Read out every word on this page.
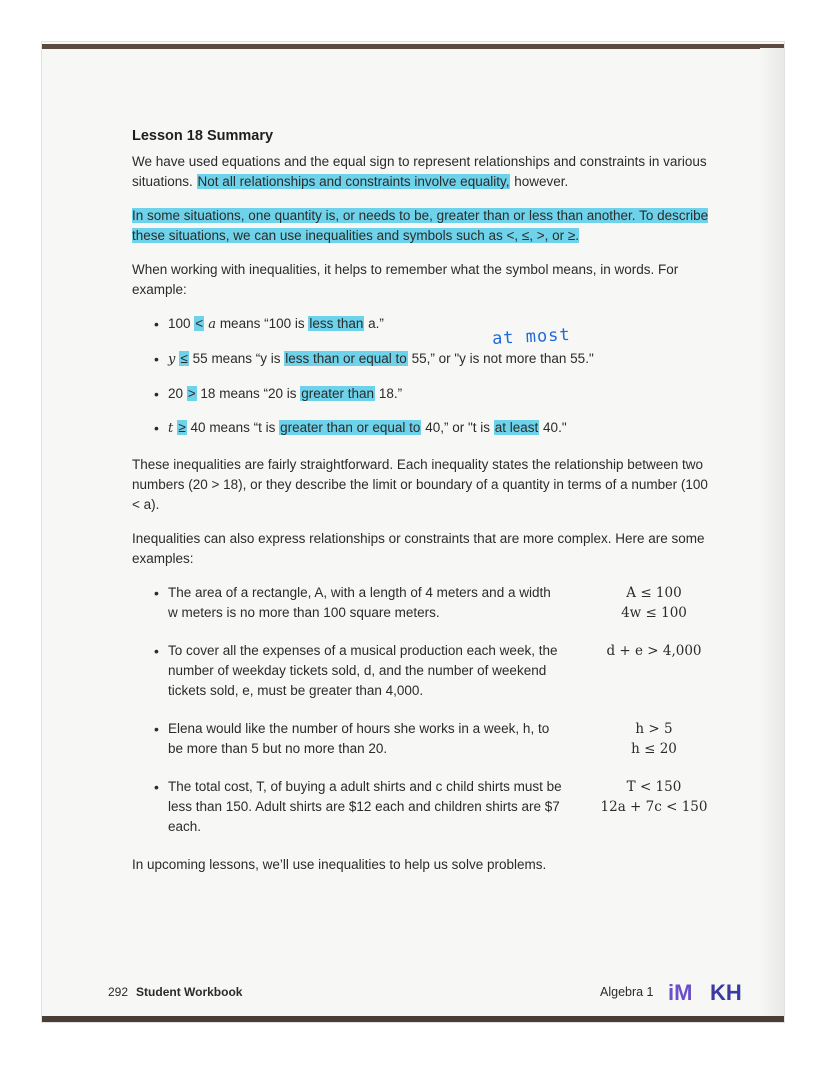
Lesson 18 Summary

We have used equations and the equal sign to represent relationships and constraints in various situations. Not all relationships and constraints involve equality, however.

In some situations, one quantity is, or needs to be, greater than or less than another. To describe these situations, we can use inequalities and symbols such as <, ≤, >, or ≥.

When working with inequalities, it helps to remember what the symbol means, in words. For example:

• 100 < a means “100 is less than a.”
• y ≤ 55 means “y is less than or equal to 55,” or "y is not more than 55."
• 20 > 18 means “20 is greater than 18.”
• t ≥ 40 means “t is greater than or equal to 40,” or "t is at least 40."

These inequalities are fairly straightforward. Each inequality states the relationship between two numbers (20 > 18), or they describe the limit or boundary of a quantity in terms of a number (100 < a).

Inequalities can also express relationships or constraints that are more complex. Here are some examples:

• The area of a rectangle, A, with a length of 4 meters and a width w meters is no more than 100 square meters.
A ≤ 100
4w ≤ 100
• To cover all the expenses of a musical production each week, the number of weekday tickets sold, d, and the number of weekend tickets sold, e, must be greater than 4,000.
d + e > 4,000
• Elena would like the number of hours she works in a week, h, to be more than 5 but no more than 20.
h > 5
h ≤ 20
• The total cost, T, of buying a adult shirts and c child shirts must be less than 150. Adult shirts are $12 each and children shirts are $7 each.
T < 150
12a + 7c < 150

In upcoming lessons, we’ll use inequalities to help us solve problems.

at most
292 Student Workbook	Algebra 1 iM KH
